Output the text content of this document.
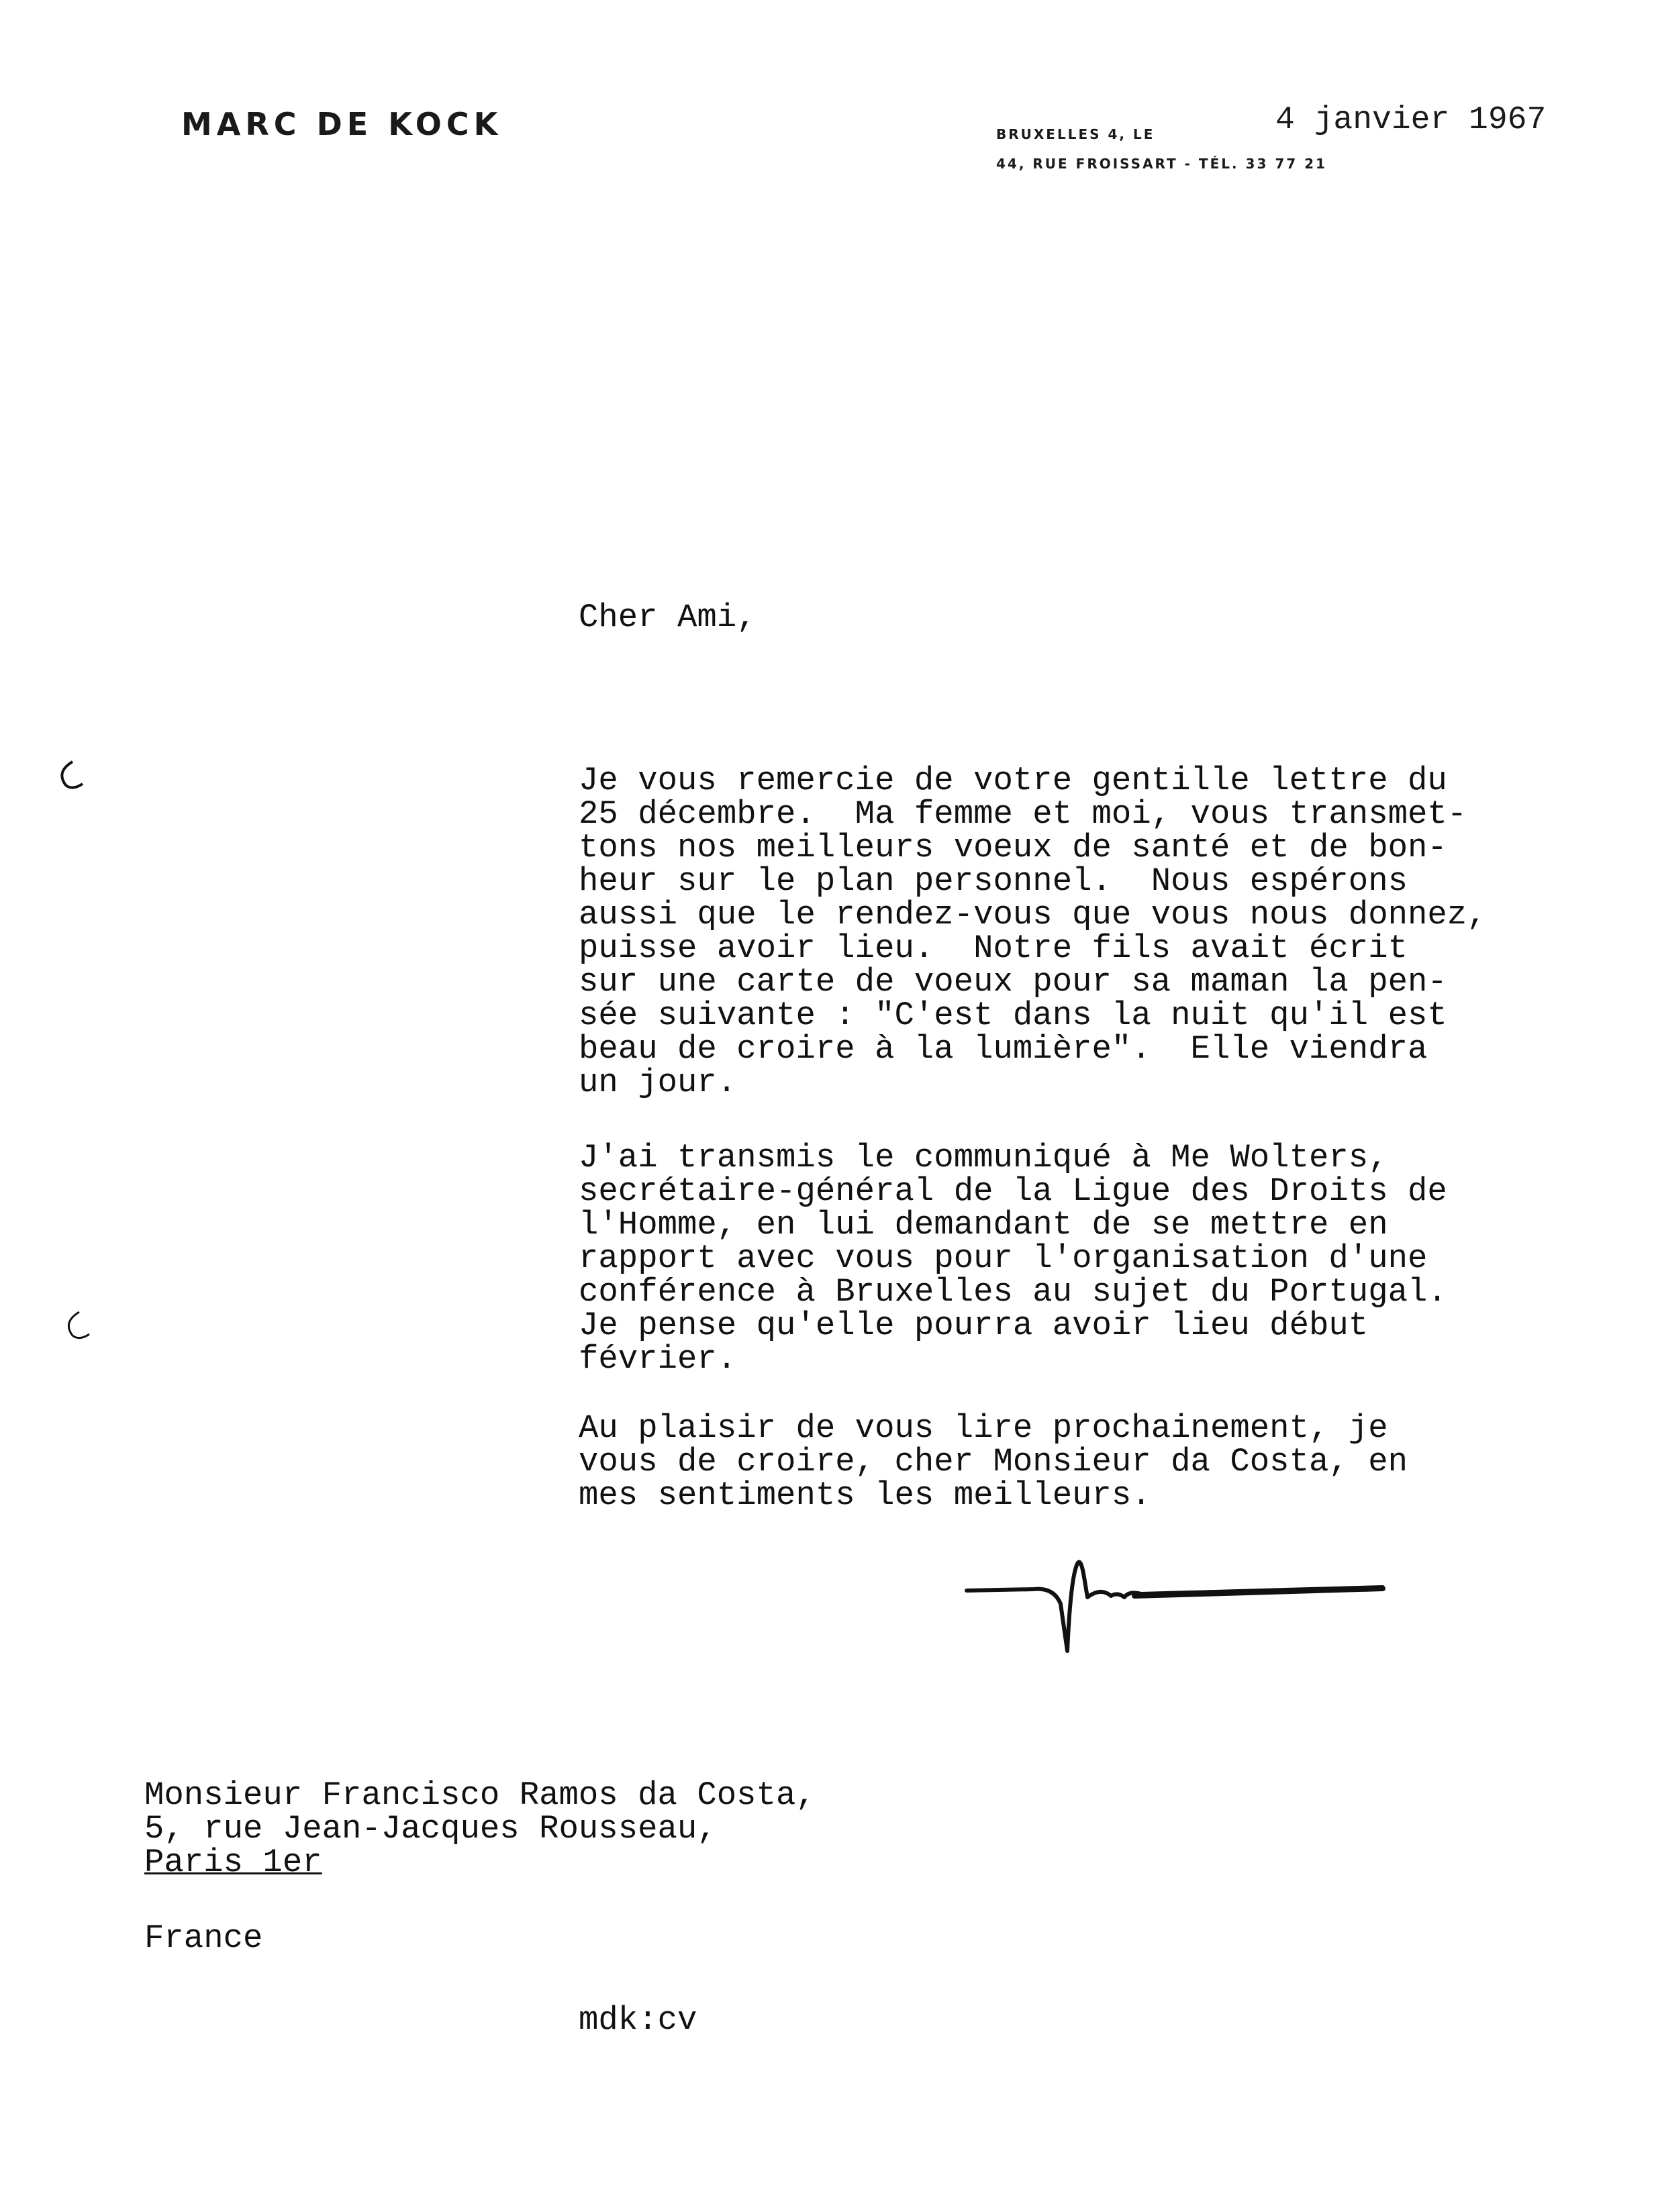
MARC DE KOCK	BRUXELLES 4, LE
44, RUE FROISSART - TÉL. 33 77 21
4 janvier 1967
Cher Ami,
Je vous remercie de votre gentille lettre du
25 décembre.  Ma femme et moi, vous transmet-
tons nos meilleurs voeux de santé et de bon-
heur sur le plan personnel.  Nous espérons
aussi que le rendez-vous que vous nous donnez,
puisse avoir lieu.  Notre fils avait écrit
sur une carte de voeux pour sa maman la pen-
sée suivante : "C'est dans la nuit qu'il est
beau de croire à la lumière".  Elle viendra
un jour.
J'ai transmis le communiqué à Me Wolters,
secrétaire-général de la Ligue des Droits de
l'Homme, en lui demandant de se mettre en
rapport avec vous pour l'organisation d'une
conférence à Bruxelles au sujet du Portugal.
Je pense qu'elle pourra avoir lieu début
février.
Au plaisir de vous lire prochainement, je
vous de croire, cher Monsieur da Costa, en
mes sentiments les meilleurs.
Monsieur Francisco Ramos da Costa,
5, rue Jean-Jacques Rousseau,
Paris 1er
France
mdk:cv
